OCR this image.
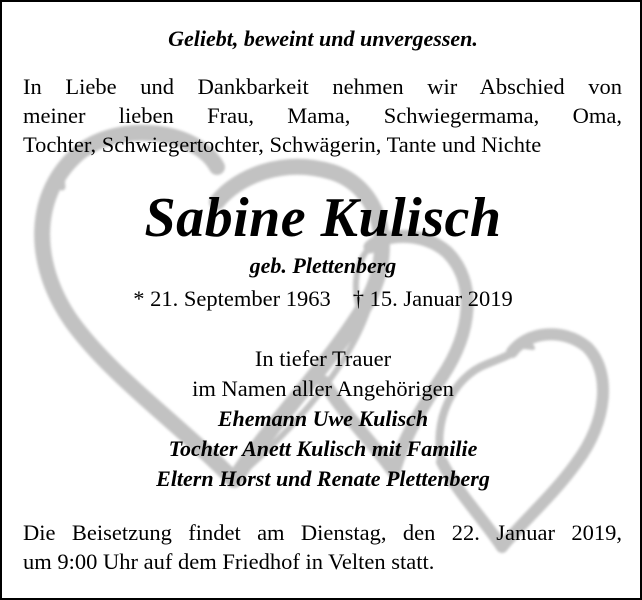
Geliebt, beweint und unvergessen.
In Liebe und Dankbarkeit nehmen wir Abschied von
meiner lieben Frau, Mama, Schwiegermama, Oma,
Tochter, Schwiegertochter, Schwägerin, Tante und Nichte
Sabine Kulisch
geb. Plettenberg
* 21. September 1963 † 15. Januar 2019
In tiefer Trauer
im Namen aller Angehörigen
Ehemann Uwe Kulisch
Tochter Anett Kulisch mit Familie
Eltern Horst und Renate Plettenberg
Die Beisetzung findet am Dienstag, den 22. Januar 2019,
um 9:00 Uhr auf dem Friedhof in Velten statt.
